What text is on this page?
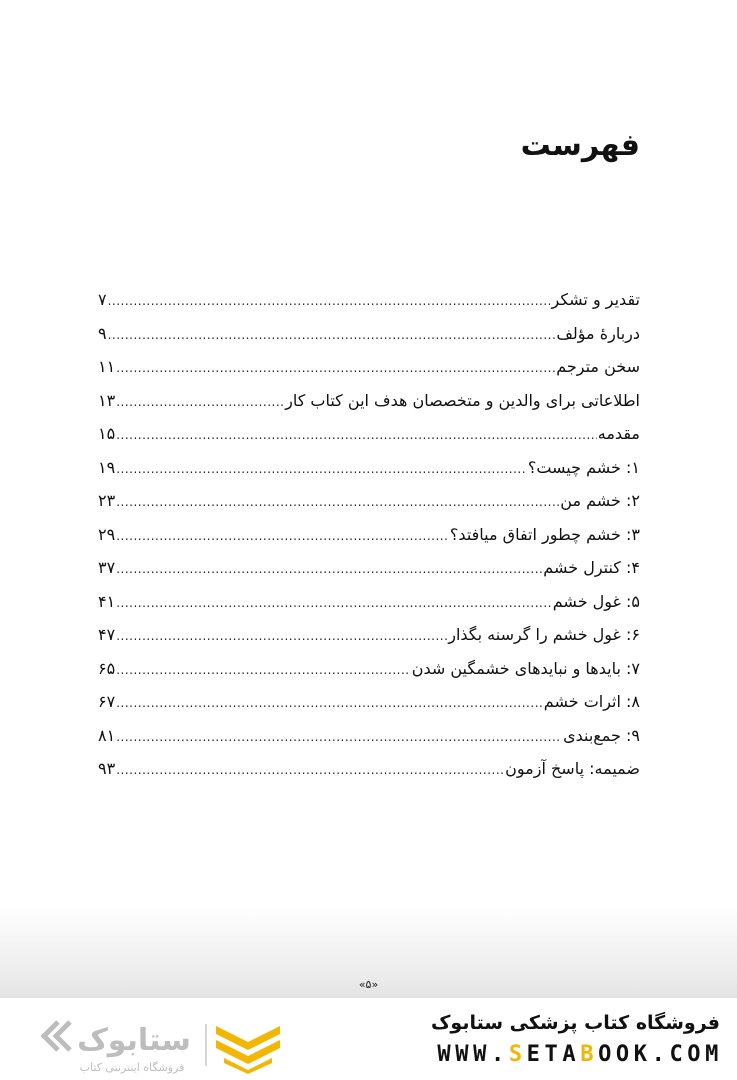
فهرست
تقدیر و تشکر
.....
۷
دربارهٔ مؤلف
.....
۹
سخن مترجم
.....
۱۱
اطلاعاتی برای والدین و متخصصان هدف این کتاب کار
.....
۱۳
مقدمه
.....
۱۵
۱: خشم چیست؟
.....
۱۹
۲: خشم من
.....
۲۳
۳: خشم چطور اتفاق میافتد؟
.....
۲۹
۴: کنترل خشم
.....
۳۷
۵: غول خشم
.....
۴۱
۶: غول خشم را گرسنه بگذار
.....
۴۷
۷: بایدها و نبایدهای خشمگین شدن
.....
۶۵
۸: اثرات خشم
.....
۶۷
۹: جمع‌بندی
.....
۸۱
ضمیمه: پاسخ آزمون
.....
۹۳
«۵»
ستابوک
فروشگاه اینترنتی کتاب
فروشگاه کتاب پزشکی ستابوک
WWW.SETABOOK.COM
